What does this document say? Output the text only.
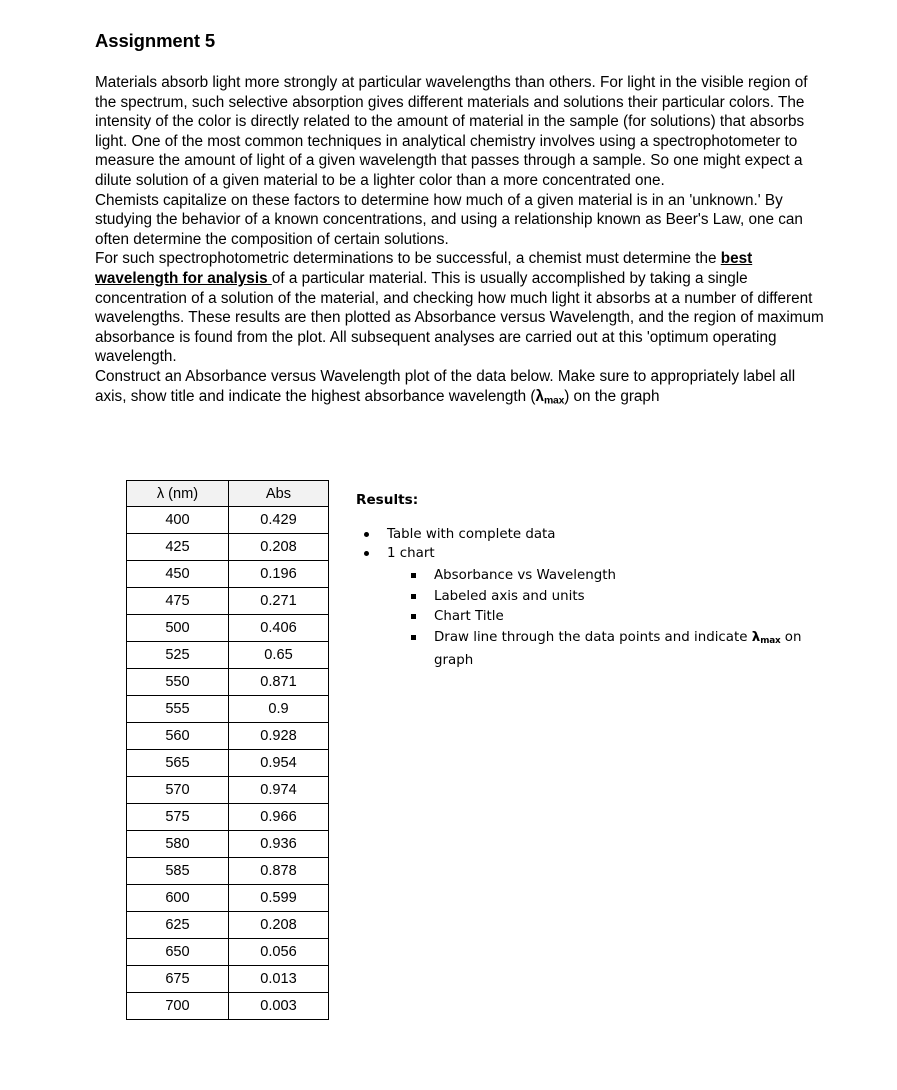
Assignment 5

Materials absorb light more strongly at particular wavelengths than others. For light in the visible region of the spectrum, such selective absorption gives different materials and solutions their particular colors. The intensity of the color is directly related to the amount of material in the sample (for solutions) that absorbs light. One of the most common techniques in analytical chemistry involves using a spectrophotometer to measure the amount of light of a given wavelength that passes through a sample. So one might expect a dilute solution of a given material to be a lighter color than a more concentrated one.

Chemists capitalize on these factors to determine how much of a given material is in an 'unknown.' By studying the behavior of a known concentrations, and using a relationship known as Beer's Law, one can often determine the composition of certain solutions.

For such spectrophotometric determinations to be successful, a chemist must determine the best wavelength for analysis of a particular material. This is usually accomplished by taking a single concentration of a solution of the material, and checking how much light it absorbs at a number of different wavelengths. These results are then plotted as Absorbance versus Wavelength, and the region of maximum absorbance is found from the plot. All subsequent analyses are carried out at this 'optimum operating wavelength.

Construct an Absorbance versus Wavelength plot of the data below. Make sure to appropriately label all axis, show title and indicate the highest absorbance wavelength $(\lambda_{max})$ on the graph

λ (nm)	Abs
400	0.429
425	0.208
450	0.196
475	0.271
500	0.406
525	0.65
550	0.871
555	0.9
560	0.928
565	0.954
570	0.974
575	0.966
580	0.936
585	0.878
600	0.599
625	0.208
650	0.056
675	0.013
700	0.003
Results:
Table with complete data
1 chart
Absorbance vs Wavelength
Labeled axis and units
Chart Title
Draw line through the data points and indicate $\lambda_{max}$ on graph
